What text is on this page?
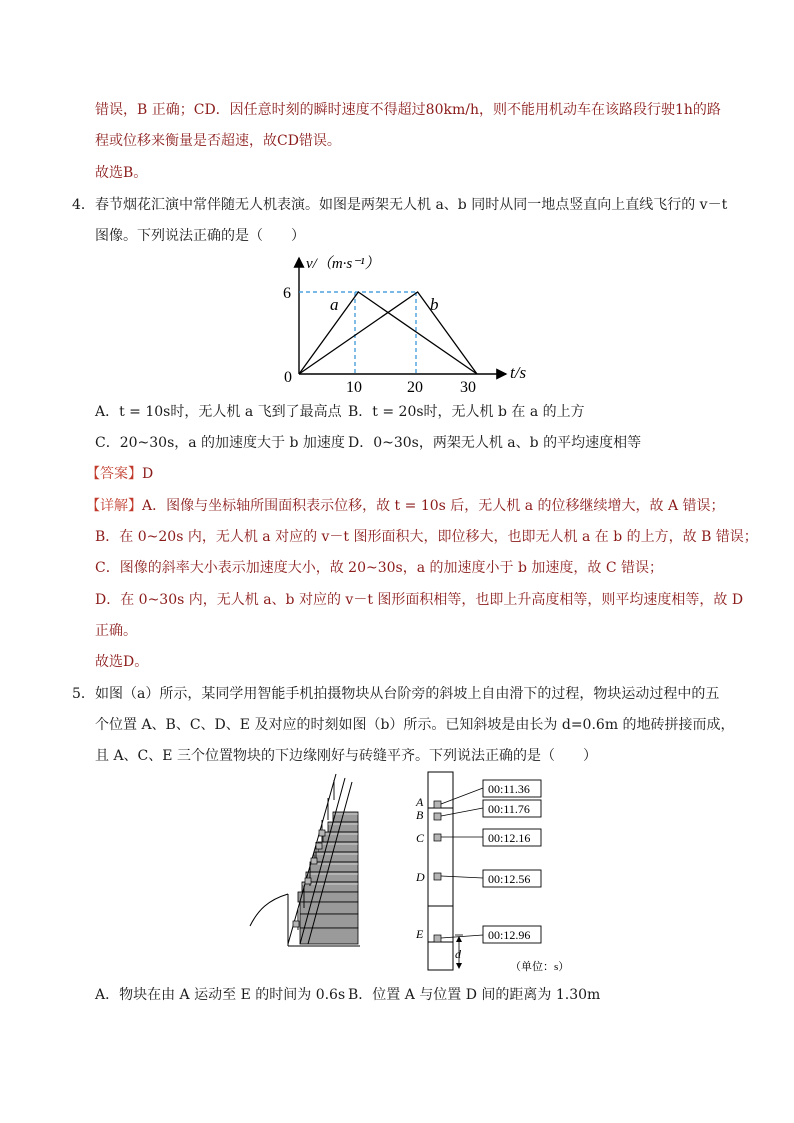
错误，B 正确；CD．因任意时刻的瞬时速度不得超过80km/h，则不能用机动车在该路段行驶1h的路
程或位移来衡量是否超速，故CD错误。
故选B。
4． 春节烟花汇演中常伴随无人机表演。如图是两架无人机 a、b 同时从同一地点竖直向上直线飞行的 v－t
图像。下列说法正确的是（　　）
v/（m·s⁻¹）
t/s
0
6
10	20 30
a	b
A．t = 10s时，无人机 a 飞到了最高点 B．t = 20s时，无人机 b 在 a 的上方
C．20~30s，a 的加速度大于 b 加速度 D．0~30s，两架无人机 a、b 的平均速度相等
【答案】D
【详解】A．图像与坐标轴所围面积表示位移，故 t = 10s 后，无人机 a 的位移继续增大，故 A 错误；
B．在 0~20s 内，无人机 a 对应的 v－t 图形面积大，即位移大，也即无人机 a 在 b 的上方，故 B 错误；
C．图像的斜率大小表示加速度大小，故 20~30s，a 的加速度小于 b 加速度，故 C 错误；
D．在 0~30s 内，无人机 a、b 对应的 v－t 图形面积相等，也即上升高度相等，则平均速度相等，故 D
正确。
故选D。
5． 如图（a）所示，某同学用智能手机拍摄物块从台阶旁的斜坡上自由滑下的过程，物块运动过程中的五
个位置 A、B、C、D、E 及对应的时刻如图（b）所示。已知斜坡是由长为 d=0.6m 的地砖拼接而成，
且 A、C、E 三个位置物块的下边缘刚好与砖缝平齐。下列说法正确的是（　　）
00:11.36
00:11.76
00:12.16
00:12.56
00:12.96
A
B
C
D
E
d
（单位：s）
A．物块在由 A 运动至 E 的时间为 0.6s B．位置 A 与位置 D 间的距离为 1.30m
